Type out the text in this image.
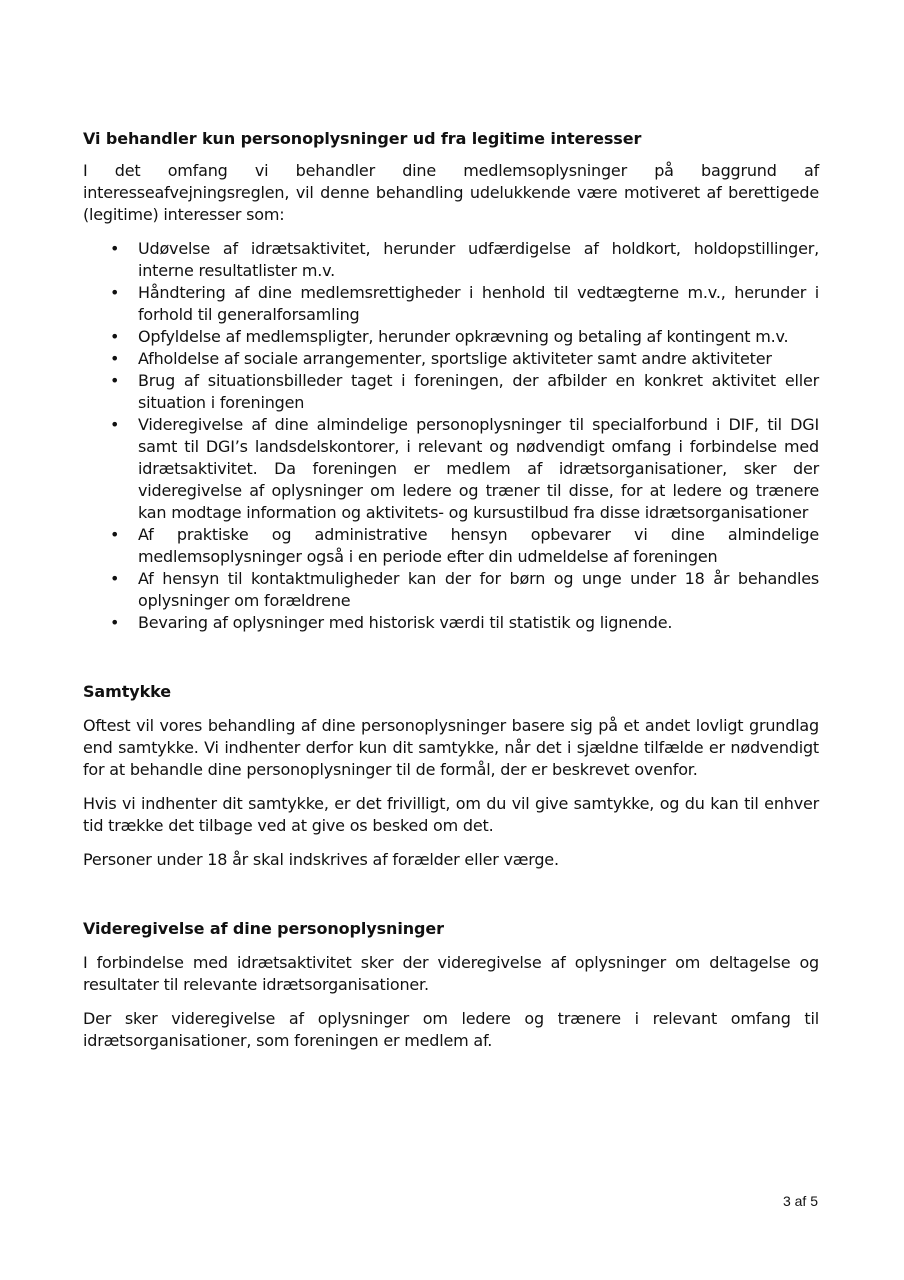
Vi behandler kun personoplysninger ud fra legitime interesser

I det omfang vi behandler dine medlemsoplysninger på baggrund af interesseafvejningsreglen, vil denne behandling udelukkende være motiveret af berettigede (legitime) interesser som:

• Udøvelse af idrætsaktivitet, herunder udfærdigelse af holdkort, holdopstillinger, interne resultatlister m.v.
• Håndtering af dine medlemsrettigheder i henhold til vedtægterne m.v., herunder i forhold til generalforsamling
• Opfyldelse af medlemspligter, herunder opkrævning og betaling af kontingent m.v.
• Afholdelse af sociale arrangementer, sportslige aktiviteter samt andre aktiviteter
• Brug af situationsbilleder taget i foreningen, der afbilder en konkret aktivitet eller situation i foreningen
• Videregivelse af dine almindelige personoplysninger til specialforbund i DIF, til DGI samt til DGI’s landsdelskontorer, i relevant og nødvendigt omfang i forbindelse med idrætsaktivitet. Da foreningen er medlem af idrætsorganisationer, sker der videregivelse af oplysninger om ledere og træner til disse, for at ledere og trænere kan modtage information og aktivitets- og kursustilbud fra disse idrætsorganisationer
• Af praktiske og administrative hensyn opbevarer vi dine almindelige medlemsoplysninger også i en periode efter din udmeldelse af foreningen
• Af hensyn til kontaktmuligheder kan der for børn og unge under 18 år behandles oplysninger om forældrene
• Bevaring af oplysninger med historisk værdi til statistik og lignende.
Samtykke

Oftest vil vores behandling af dine personoplysninger basere sig på et andet lovligt grundlag end samtykke. Vi indhenter derfor kun dit samtykke, når det i sjældne tilfælde er nødvendigt for at behandle dine personoplysninger til de formål, der er beskrevet ovenfor.

Hvis vi indhenter dit samtykke, er det frivilligt, om du vil give samtykke, og du kan til enhver tid trække det tilbage ved at give os besked om det.

Personer under 18 år skal indskrives af forælder eller værge.

Videregivelse af dine personoplysninger

I forbindelse med idrætsaktivitet sker der videregivelse af oplysninger om deltagelse og resultater til relevante idrætsorganisationer.

Der sker videregivelse af oplysninger om ledere og trænere i relevant omfang til idrætsorganisationer, som foreningen er medlem af.

3 af 5
